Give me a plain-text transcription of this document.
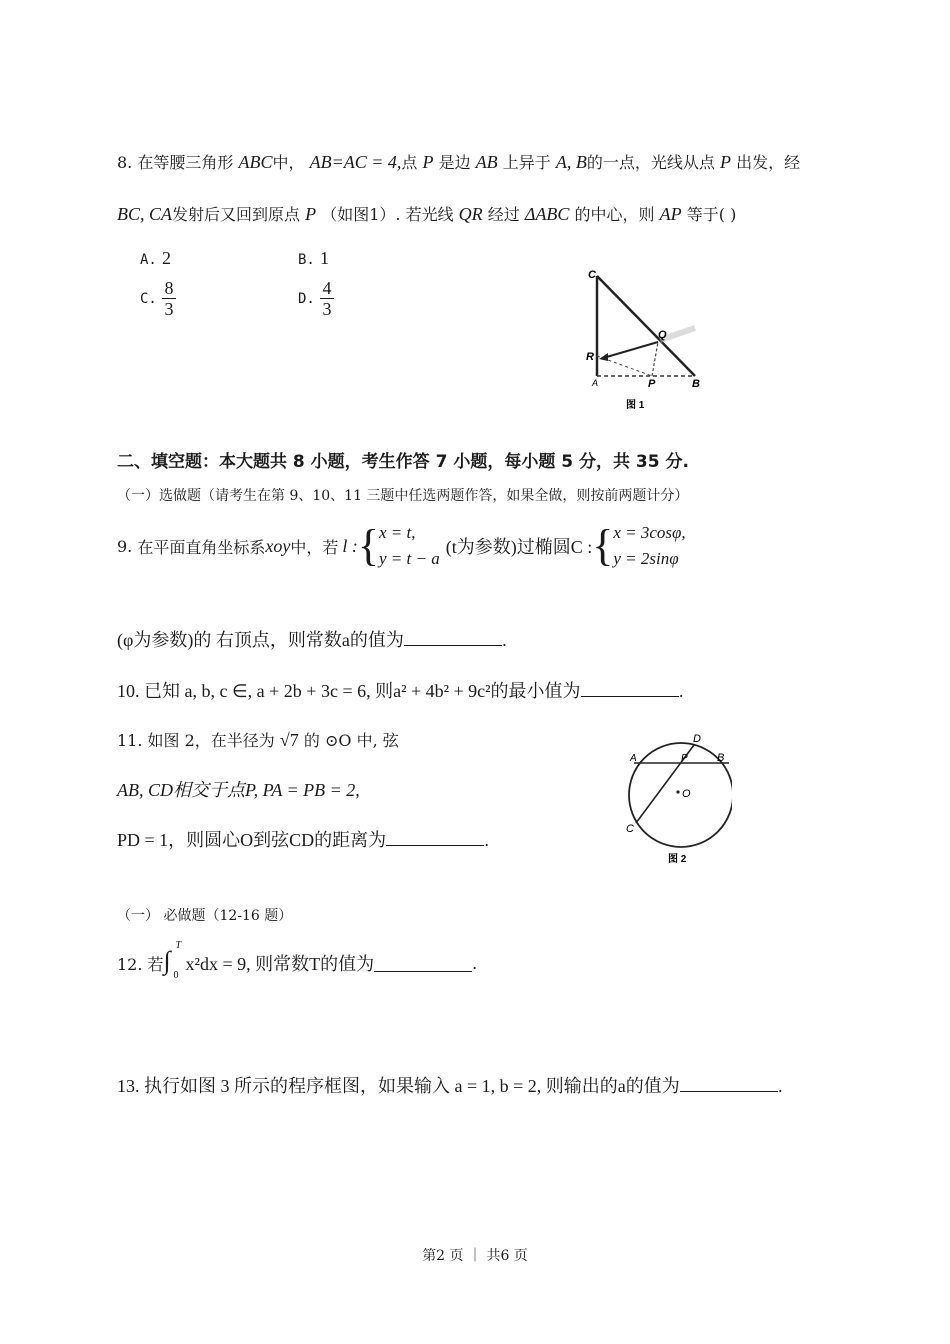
8. 在等腰三角形 ABC中， AB=AC = 4,点 P 是边 AB 上异于 A, B的一点，光线从点 P 出发，经
BC, CA发射后又回到原点 P （如图1）. 若光线 QR 经过 ΔABC 的中心，则 AP 等于( )
A. 2	B. 1
C. $\frac{8}{3}$	D. $\frac{4}{3}$
C
Q
R
A	P	B
图 1
二、填空题：本大题共 8 小题，考生作答 7 小题，每小题 5 分，共 35 分.
（一）选做题（请考生在第 9、10、11 三题中任选两题作答，如果全做，则按前两题计分）
9.
在平面直角坐标系 xoy 中，若 l : { x = t,
y = t − a
(t为参数)过椭圆C : { x = 3cosφ,
y = 2sinφ
(φ为参数)的 右顶点，则常数a的值为	.
10. 已知 a, b, c ∈, a + 2b + 3c = 6, 则a² + 4b² + 9c²的最小值为	.
11. 如图 2，在半径为 √7 的 ⊙O 中, 弦
AB, CD相交于点P, PA = PB = 2,
PD = 1，则圆心O到弦CD的距离为	.
A
D
P	B
O
C
图 2
（一） 必做题（12-16 题）
12. 若 ∫
T
0
x²dx = 9, 则常数T的值为	.
13. 执行如图 3 所示的程序框图，如果输入 a = 1, b = 2, 则输出的a的值为	.
第2 页 ｜ 共6 页
